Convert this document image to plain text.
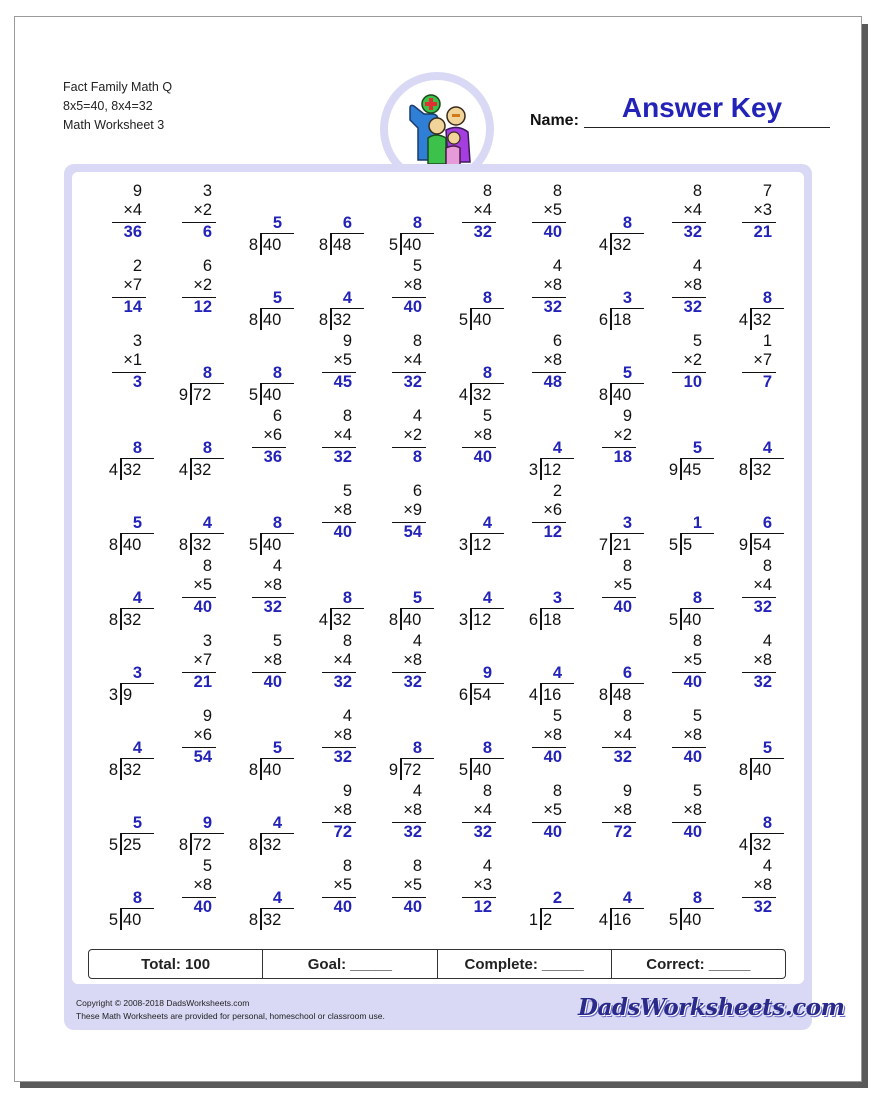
Fact Family Math Q
8x5=40, 8x4=32
Math Worksheet 3	Name:	Answer Key
9
×4
36
3
×2
6	5
8 40
6
8 48
8
5 40
8
×4
32
8
×5
40	8
4 32
8
×4
32
7
×3
21
2
×7
14
6
×2
12	5
8 40
4
8 32
5
×8
40	8
5 40
4
×8
32	3
6 18
4
×8
32	8
4 32
3
×1
3	8
9 72
8
5 40
9
×5
45
8
×4
32	8
4 32
6
×8
48	5
8 40
5
×2
10
1
×7
7
8
4 32
8
4 32
6
×6
36
8
×4
32
4
×2
8
5
×8
40	4
3 12
9
×2
18	5
9 45
4
8 32
5
8 40
4
8 32
8
5 40
5
×8
40
6
×9
54	4
3 12
2
×6
12	3
7 21
1
5 5
6
9 54
4
8 32
8
×5
40
4
×8
32	8
4 32
5
8 40
4
3 12
3
6 18
8
×5
40	8
5 40
8
×4
32
3
3 9
3
×7
21
5
×8
40
8
×4
32
4
×8
32	9
6 54
4
4 16
6
8 48
8
×5
40
4
×8
32
4
8 32
9
×6
54	5
8 40
4
×8
32	8
9 72
8
5 40
5
×8
40
8
×4
32
5
×8
40	5
8 40
5
5 25
9
8 72
4
8 32
9
×8
72
4
×8
32
8
×4
32
8
×5
40
9
×8
72
5
×8
40	8
4 32
8
5 40
5
×8
40	4
8 32
8
×5
40
8
×5
40
4
×3
12	2
1 2
4
4 16
8
5 40
4
×8
32
Total: 100	Goal: _____	Complete: _____	Correct: _____
Copyright © 2008-2018 DadsWorksheets.com
These Math Worksheets are provided for personal, homeschool or classroom use.	DadsWorksheets.com
